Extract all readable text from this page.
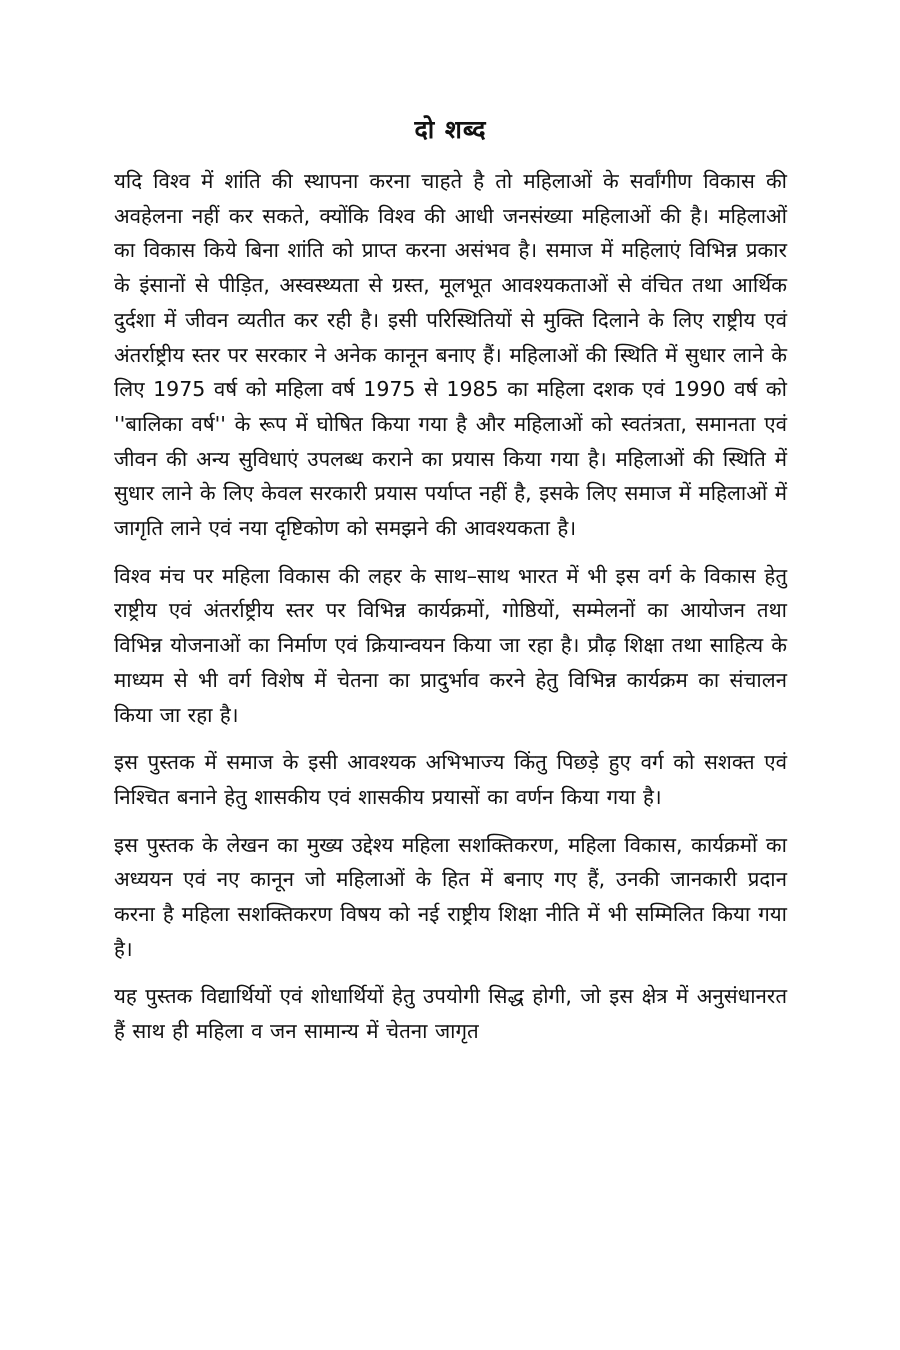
दो शब्द

यदि विश्व में शांति की स्थापना करना चाहते है तो महिलाओं के सर्वांगीण विकास की अवहेलना नहीं कर सकते, क्योंकि विश्व की आधी जनसंख्या महिलाओं की है। महिलाओं का विकास किये बिना शांति को प्राप्त करना असंभव है। समाज में महिलाएं विभिन्न प्रकार के इंसानों से पीड़ित, अस्वस्थ्यता से ग्रस्त, मूलभूत आवश्यकताओं से वंचित तथा आर्थिक दुर्दशा में जीवन व्यतीत कर रही है। इसी परिस्थितियों से मुक्ति दिलाने के लिए राष्ट्रीय एवं अंतर्राष्ट्रीय स्तर पर सरकार ने अनेक कानून बनाए हैं। महिलाओं की स्थिति में सुधार लाने के लिए 1975 वर्ष को महिला वर्ष 1975 से 1985 का महिला दशक एवं 1990 वर्ष को ''बालिका वर्ष'' के रूप में घोषित किया गया है और महिलाओं को स्वतंत्रता, समानता एवं जीवन की अन्य सुविधाएं उपलब्ध कराने का प्रयास किया गया है। महिलाओं की स्थिति में सुधार लाने के लिए केवल सरकारी प्रयास पर्याप्त नहीं है, इसके लिए समाज में महिलाओं में जागृति लाने एवं नया दृष्टिकोण को समझने की आवश्यकता है।

विश्व मंच पर महिला विकास की लहर के साथ–साथ भारत में भी इस वर्ग के विकास हेतु राष्ट्रीय एवं अंतर्राष्ट्रीय स्तर पर विभिन्न कार्यक्रमों, गोष्ठियों, सम्मेलनों का आयोजन तथा विभिन्न योजनाओं का निर्माण एवं क्रियान्वयन किया जा रहा है। प्रौढ़ शिक्षा तथा साहित्य के माध्यम से भी वर्ग विशेष में चेतना का प्रादुर्भाव करने हेतु विभिन्न कार्यक्रम का संचालन किया जा रहा है।

इस पुस्तक में समाज के इसी आवश्यक अभिभाज्य किंतु पिछड़े हुए वर्ग को सशक्त एवं निश्चित बनाने हेतु शासकीय एवं शासकीय प्रयासों का वर्णन किया गया है।

इस पुस्तक के लेखन का मुख्य उद्देश्य महिला सशक्तिकरण, महिला विकास, कार्यक्रमों का अध्ययन एवं नए कानून जो महिलाओं के हित में बनाए गए हैं, उनकी जानकारी प्रदान करना है महिला सशक्तिकरण विषय को नई राष्ट्रीय शिक्षा नीति में भी सम्मिलित किया गया है।

यह पुस्तक विद्यार्थियों एवं शोधार्थियों हेतु उपयोगी सिद्ध होगी, जो इस क्षेत्र में अनुसंधानरत हैं साथ ही महिला व जन सामान्य में चेतना जागृत
